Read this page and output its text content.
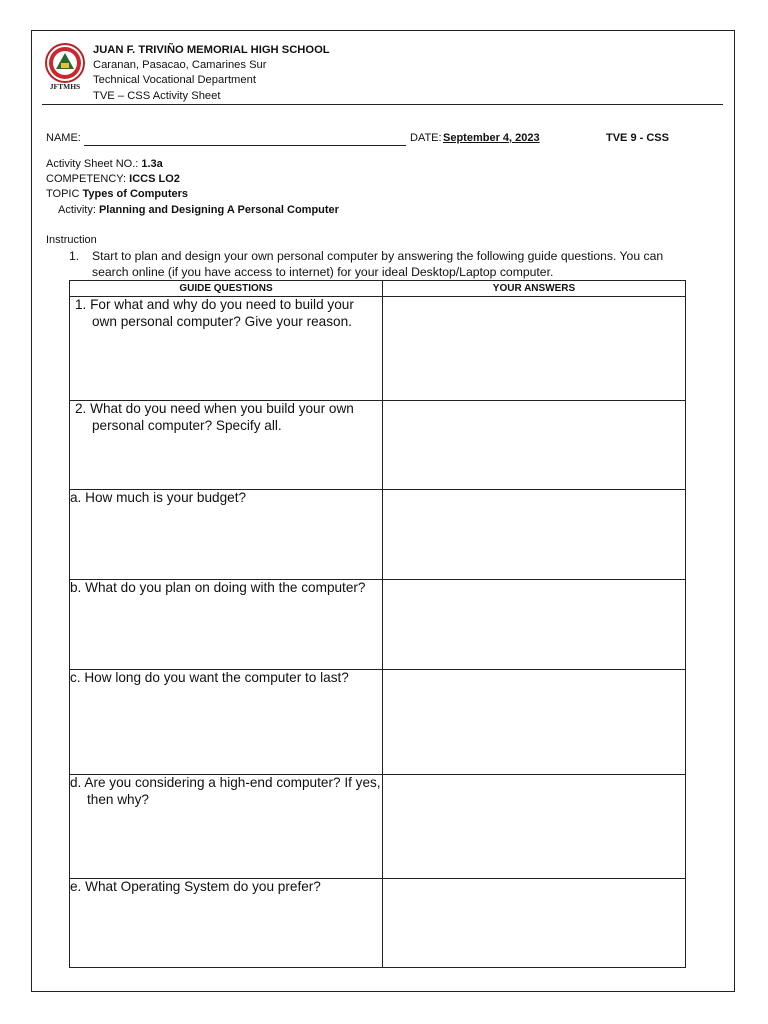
JFTMHS
JUAN F. TRIVIÑO MEMORIAL HIGH SCHOOL
Caranan, Pasacao, Camarines Sur
Technical Vocational Department
TVE – CSS Activity Sheet
NAME:	DATE: September 4, 2023	TVE 9 - CSS
Activity Sheet NO.: 1.3a
COMPETENCY: ICCS LO2
TOPIC Types of Computers
Activity: Planning and Designing A Personal Computer
Instruction
1. Start to plan and design your own personal computer by answering the following guide questions. You can search online (if you have access to internet) for your ideal Desktop/Laptop computer.
GUIDE QUESTIONS	YOUR ANSWERS

1. For what and why do you need to build your own personal computer? Give your reason.	

2. What do you need when you build your own personal computer? Specify all.	

a. How much is your budget?	

b. What do you plan on doing with the computer?	

c. How long do you want the computer to last?	

d. Are you considering a high-end computer? If yes, then why?	

e. What Operating System do you prefer?	
